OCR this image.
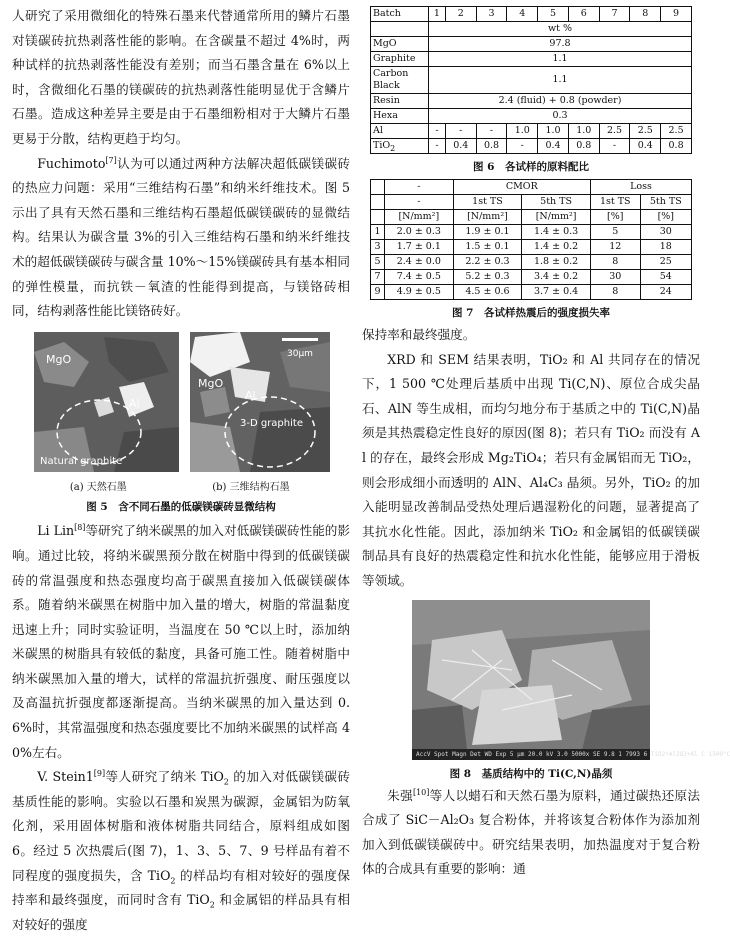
人研究了采用微细化的特殊石墨来代替通常所用的鳞片石墨对镁碳砖抗热剥落性能的影响。在含碳量不超过 4%时，两种试样的抗热剥落性能没有差别；而当石墨含量在 6%以上时，含微细化石墨的镁碳砖的抗热剥落性能明显优于含鳞片石墨。造成这种差异主要是由于石墨细粉相对于大鳞片石墨更易于分散，结构更趋于均匀。

Fuchimoto[7]认为可以通过两种方法解决超低碳镁碳砖的热应力问题：采用“三维结构石墨”和纳米纤维技术。图 5 示出了具有天然石墨和三维结构石墨超低碳镁碳砖的显微结构。结果认为碳含量 3%的引入三维结构石墨和纳米纤维技术的超低碳镁碳砖与碳含量 10%～15%镁碳砖具有基本相同的弹性模量，而抗铁－氧渣的性能得到提高，与镁铬砖相同，结构剥落性能比镁铬砖好。

MgO
Al
Natural graphite
30μm
MgO
Al
3-D graphite
(a) 天然石墨	(b) 三维结构石墨
图 5　含不同石墨的低碳镁碳砖显微结构

Li Lin[8]等研究了纳米碳黑的加入对低碳镁碳砖性能的影响。通过比较，将纳米碳黑预分散在树脂中得到的低碳镁碳砖的常温强度和热态强度均高于碳黑直接加入低碳镁碳体系。随着纳米碳黑在树脂中加入量的增大，树脂的常温黏度迅速上升；同时实验证明，当温度在 50 ℃以上时，添加纳米碳黑的树脂具有较低的黏度，具备可施工性。随着树脂中纳米碳黑加入量的增大，试样的常温抗折强度、耐压强度以及高温抗折强度都逐渐提高。当纳米碳黑的加入量达到 0.6%时，其常温强度和热态强度要比不加纳米碳黑的试样高 40%左右。

V. Stein1[9]等人研究了纳米 TiO$_2$ 的加入对低碳镁碳砖基质性能的影响。实验以石墨和炭黑为碳源，金属铝为防氧化剂，采用固体树脂和液体树脂共同结合，原料组成如图 6。经过 5 次热震后(图 7)，1、3、5、7、9 号样品有着不同程度的强度损失，含 TiO$_2$ 的样品均有相对较好的强度保持率和最终强度，而同时含有 TiO$_2$ 和金属铝的样品具有相对较好的强度

Batch	1	2	3	4	5	6	7	8	9
	wt %								
MgO	97.8								
Graphite	1.1								
Carbon Black	1.1								
Resin	2.4 (fluid) + 0.8 (powder)								
Hexa	0.3								
Al	-	-	-	1.0	1.0	1.0	2.5	2.5	2.5
TiO$_2$	-	0.4	0.8	-	0.4	0.8	-	0.4	0.8
图 6　各试样的原料配比
	-	CMOR		Loss	
	-	1st TS	5th TS	1st TS	5th TS
	[N/mm²]	[N/mm²]	[N/mm²]	[%]	[%]
1	2.0 ± 0.3	1.9 ± 0.1	1.4 ± 0.3	5	30
3	1.7 ± 0.1	1.5 ± 0.1	1.4 ± 0.2	12	18
5	2.4 ± 0.0	2.2 ± 0.3	1.8 ± 0.2	8	25
7	7.4 ± 0.5	5.2 ± 0.3	3.4 ± 0.2	30	54
9	4.9 ± 0.5	4.5 ± 0.6	3.7 ± 0.4	8	24
图 7　各试样热震后的强度损失率

保持率和最终强度。

XRD 和 SEM 结果表明，TiO₂ 和 Al 共同存在的情况下，1 500 ℃处理后基质中出现 Ti(C,N)、原位合成尖晶石、AlN 等生成相，而均匀地分布于基质之中的 Ti(C,N)晶须是其热震稳定性良好的原因(图 8)；若只有 TiO₂ 而没有 Al 的存在，最终会形成 Mg₂TiO₄；若只有金属铝而无 TiO₂，则会形成细小而透明的 AlN、Al₄C₃ 晶须。另外，TiO₂ 的加入能明显改善制品受热处理后遇湿粉化的问题，显著提高了其抗水化性能。因此，添加纳米 TiO₂ 和金属铝的低碳镁碳制品具有良好的热震稳定性和抗水化性能，能够应用于滑板等领域。

AccV Spot Magn Det WD Exp 5 μm 20.0 kV 3.0 5000x SE 9.8 1 7993 6 TiO2+Al2O3+Al C 1500°C
图 8　基质结构中的 Ti(C,N)晶须

朱强[10]等人以蜡石和天然石墨为原料，通过碳热还原法合成了 SiC－Al₂O₃ 复合粉体，并将该复合粉体作为添加剂加入到低碳镁碳砖中。研究结果表明，加热温度对于复合粉体的合成具有重要的影响：通
